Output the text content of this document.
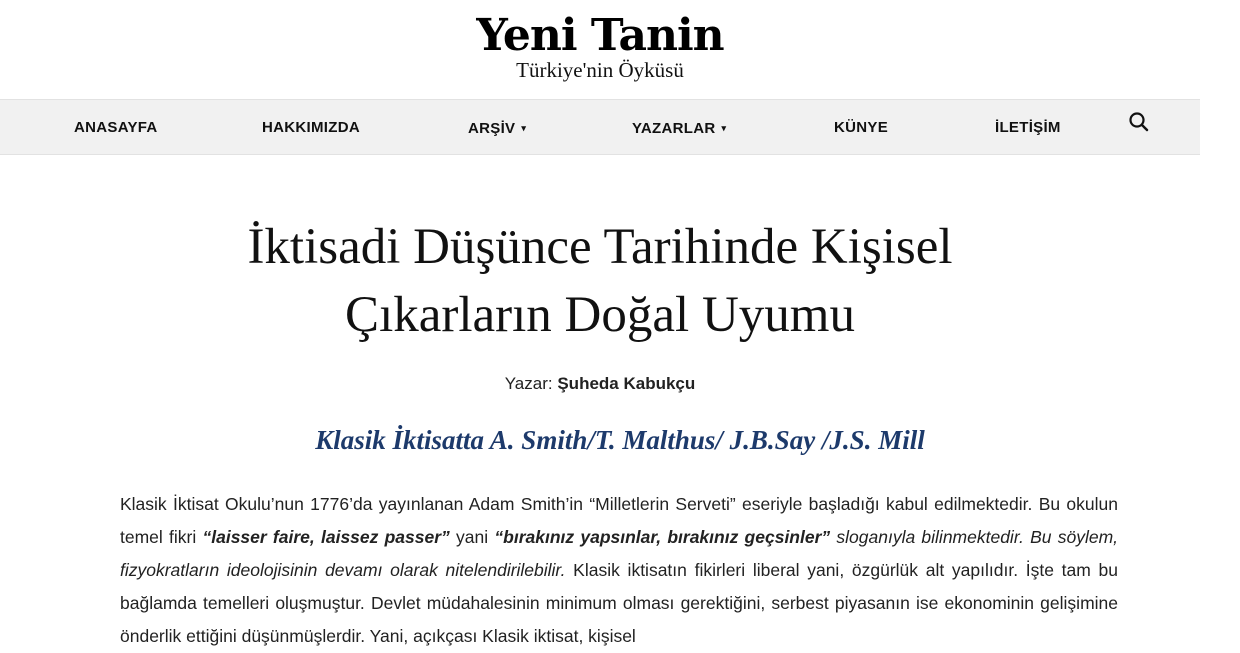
Yeni Tanin
Türkiye'nin Öyküsü
ANASAYFA	HAKKIMIZDA	ARŞİV ▾	YAZARLAR ▾	KÜNYE	İLETİŞİM
İktisadi Düşünce Tarihinde Kişisel
Çıkarların Doğal Uyumu
Yazar: Şuheda Kabukçu
Klasik İktisatta A. Smith/T. Malthus/ J.B.Say /J.S. Mill

Klasik İktisat Okulu’nun 1776’da yayınlanan Adam Smith’in “Milletlerin Serveti” eseriyle başladığı kabul edilmektedir. Bu okulun temel fikri “laisser faire, laissez passer” yani “bırakınız yapsınlar, bırakınız geçsinler” sloganıyla bilinmektedir. Bu söylem, fizyokratların ideolojisinin devamı olarak nitelendirilebilir. Klasik iktisatın fikirleri liberal yani, özgürlük alt yapılıdır. İşte tam bu bağlamda temelleri oluşmuştur. Devlet müdahalesinin minimum olması gerektiğini, serbest piyasanın ise ekonominin gelişimine önderlik ettiğini düşünmüşlerdir. Yani, açıkçası Klasik iktisat, kişisel
